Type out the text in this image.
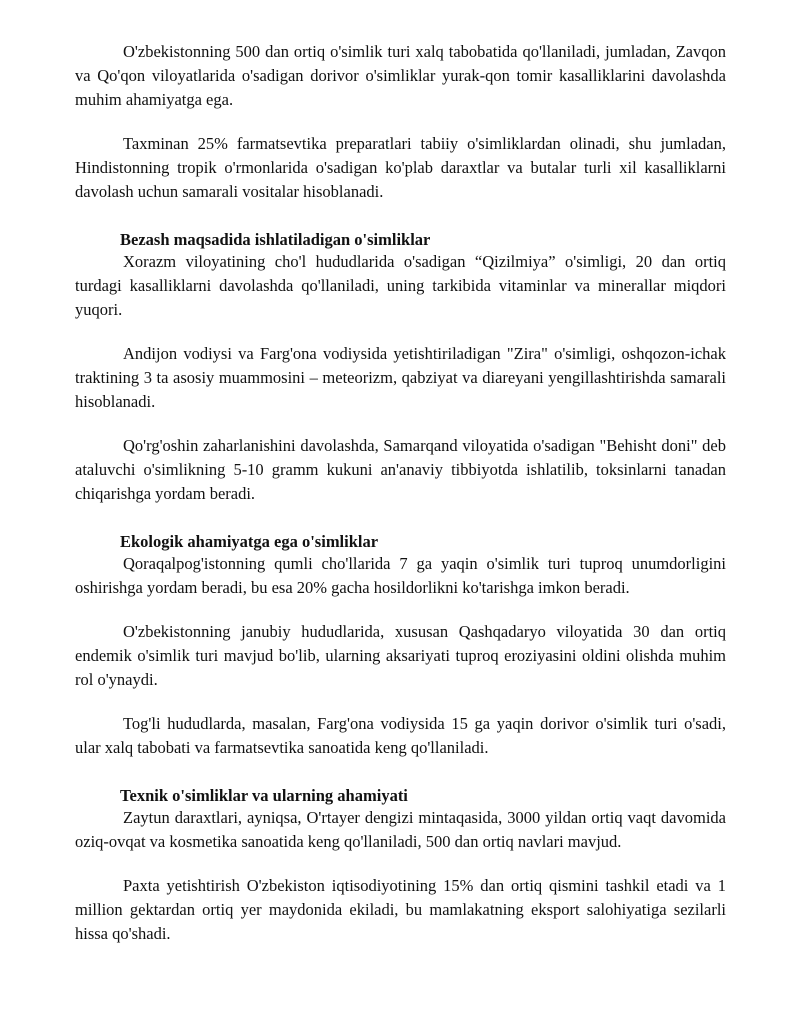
O'zbekistonning 500 dan ortiq o'simlik turi xalq tabobatida qo'llaniladi, jumladan, Zavqon va Qo'qon viloyatlarida o'sadigan dorivor o'simliklar yurak-qon tomir kasalliklarini davolashda muhim ahamiyatga ega.

Taxminan 25% farmatsevtika preparatlari tabiiy o'simliklardan olinadi, shu jumladan, Hindistonning tropik o'rmonlarida o'sadigan ko'plab daraxtlar va butalar turli xil kasalliklarni davolash uchun samarali vositalar hisoblanadi.

Bezash maqsadida ishlatiladigan o'simliklar

Xorazm viloyatining cho'l hududlarida o'sadigan “Qizilmiya” o'simligi, 20 dan ortiq turdagi kasalliklarni davolashda qo'llaniladi, uning tarkibida vitaminlar va minerallar miqdori yuqori.

Andijon vodiysi va Farg'ona vodiysida yetishtiriladigan "Zira" o'simligi, oshqozon-ichak traktining 3 ta asosiy muammosini – meteorizm, qabziyat va diareyani yengillashtirishda samarali hisoblanadi.

Qo'rg'oshin zaharlanishini davolashda, Samarqand viloyatida o'sadigan "Behisht doni" deb ataluvchi o'simlikning 5-10 gramm kukuni an'anaviy tibbiyotda ishlatilib, toksinlarni tanadan chiqarishga yordam beradi.

Ekologik ahamiyatga ega o'simliklar

Qoraqalpog'istonning qumli cho'llarida 7 ga yaqin o'simlik turi tuproq unumdorligini oshirishga yordam beradi, bu esa 20% gacha hosildorlikni ko'tarishga imkon beradi.

O'zbekistonning janubiy hududlarida, xususan Qashqadaryo viloyatida 30 dan ortiq endemik o'simlik turi mavjud bo'lib, ularning aksariyati tuproq eroziyasini oldini olishda muhim rol o'ynaydi.

Tog'li hududlarda, masalan, Farg'ona vodiysida 15 ga yaqin dorivor o'simlik turi o'sadi, ular xalq tabobati va farmatsevtika sanoatida keng qo'llaniladi.

Texnik o'simliklar va ularning ahamiyati

Zaytun daraxtlari, ayniqsa, O'rtayer dengizi mintaqasida, 3000 yildan ortiq vaqt davomida oziq-ovqat va kosmetika sanoatida keng qo'llaniladi, 500 dan ortiq navlari mavjud.

Paxta yetishtirish O'zbekiston iqtisodiyotining 15% dan ortiq qismini tashkil etadi va 1 million gektardan ortiq yer maydonida ekiladi, bu mamlakatning eksport salohiyatiga sezilarli hissa qo'shadi.
